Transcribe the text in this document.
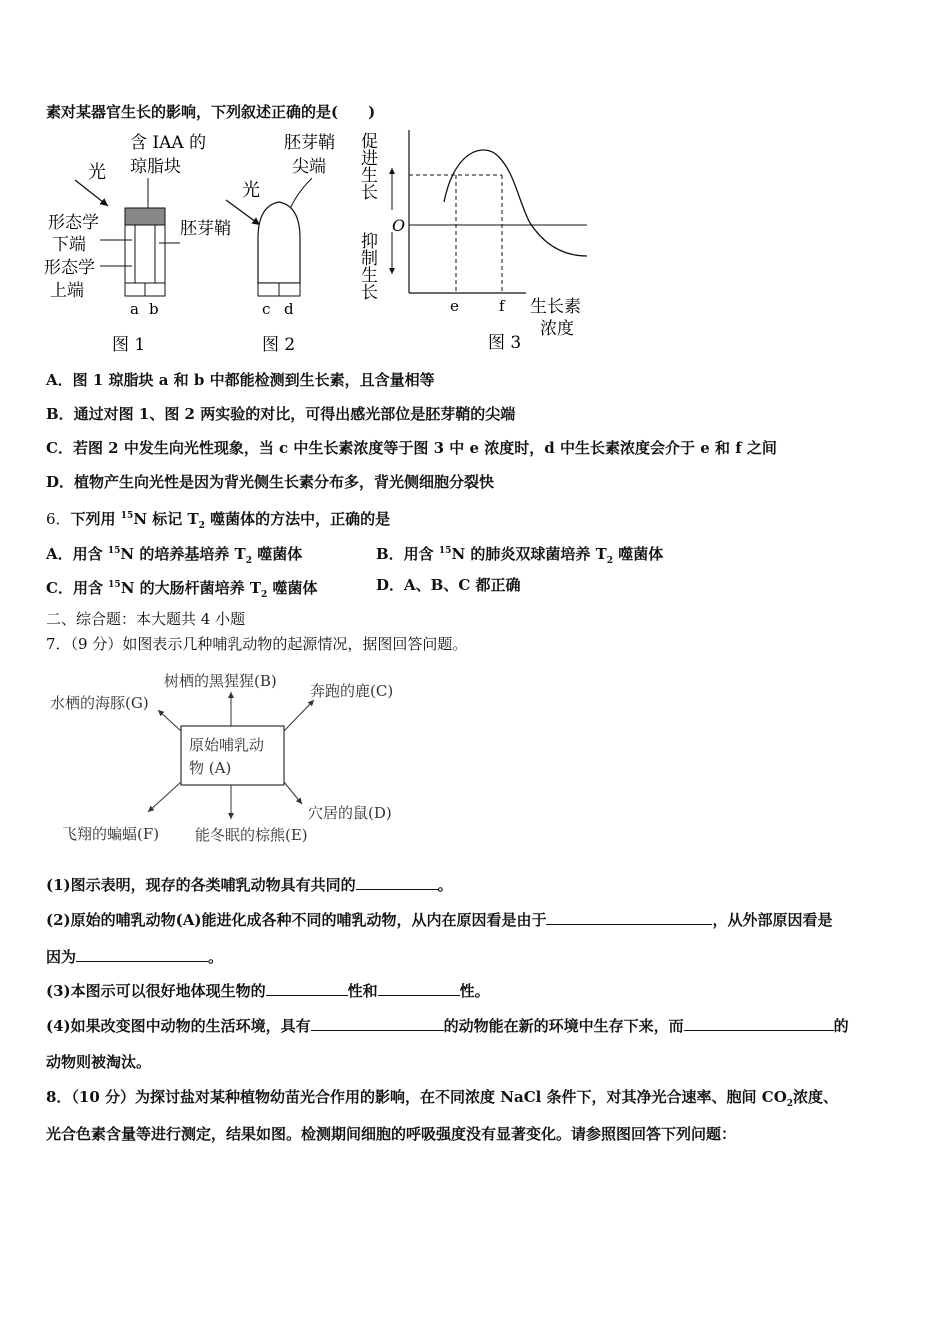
素对某器官生长的影响，下列叙述正确的是(　　)
光
含 IAA 的
琼脂块
形态学
下端
形态学
上端
胚芽鞘
a b
图 1
胚芽鞘
尖端
光
c d
图 2
促进生长
抑制生长
O
e	f 生长素
浓度
图 3
A．图 1 琼脂块 a 和 b 中都能检测到生长素，且含量相等
B．通过对图 1、图 2 两实验的对比，可得出感光部位是胚芽鞘的尖端
C．若图 2 中发生向光性现象，当 c 中生长素浓度等于图 3 中 e 浓度时，d 中生长素浓度会介于 e 和 f 之间
D．植物产生向光性是因为背光侧生长素分布多，背光侧细胞分裂快
6．下列用 $^{15}$N 标记 $T_2$ 噬菌体的方法中，正确的是
A．用含 $^{15}$N 的培养基培养 $T_2$ 噬菌体	B．用含 $^{15}$N 的肺炎双球菌培养 $T_2$ 噬菌体
C．用含 $^{15}$N 的大肠杆菌培养 $T_2$ 噬菌体	D．A、B、C 都正确
二、综合题：本大题共 4 小题
7．（9 分）如图表示几种哺乳动物的起源情况，据图回答问题。
原始哺乳动
物 (A)
树栖的黑猩猩(B)
奔跑的鹿(C)
水栖的海豚(G)
穴居的鼠(D)
能冬眠的棕熊(E)
飞翔的蝙蝠(F)
(1)图示表明，现存的各类哺乳动物具有共同的	。
(2)原始的哺乳动物(A)能进化成各种不同的哺乳动物，从内在原因看是由于	，从外部原因看是
因为	。
(3)本图示可以很好地体现生物的	性和	性。
(4)如果改变图中动物的生活环境，具有	的动物能在新的环境中生存下来，而	的
动物则被淘汰。
8．（10 分）为探讨盐对某种植物幼苗光合作用的影响，在不同浓度 NaCl 条件下，对其净光合速率、胞间 $CO_2$浓度、
光合色素含量等进行测定，结果如图。检测期间细胞的呼吸强度没有显著变化。请参照图回答下列问题：
